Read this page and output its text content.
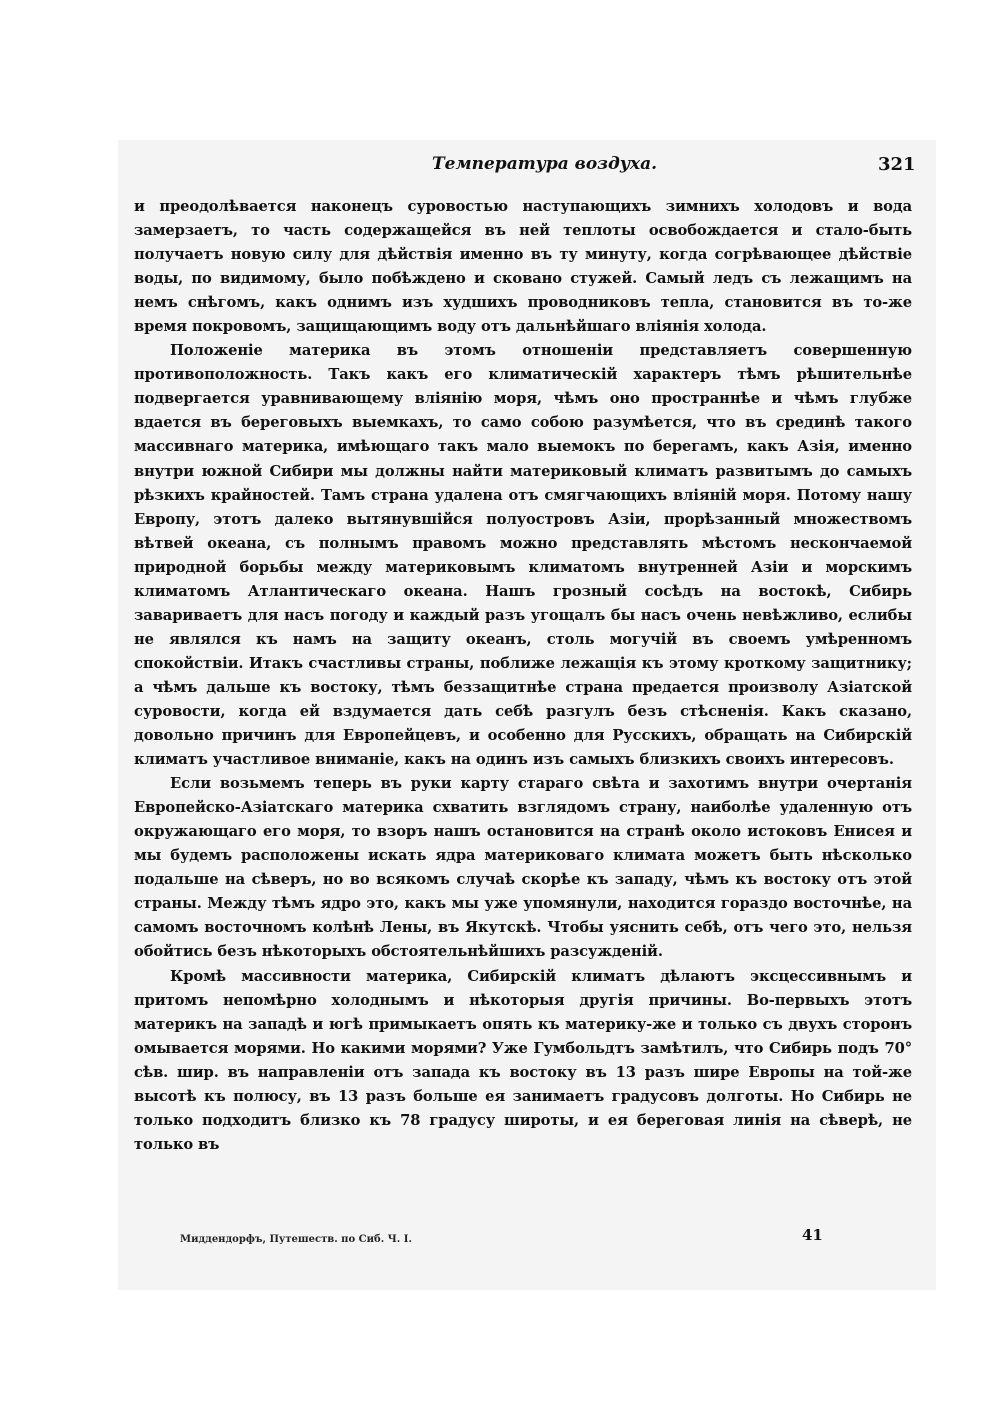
Температура воздуха.	321

и преодолѣвается наконецъ суровостью наступающихъ зимнихъ холодовъ и вода замерзаетъ, то часть содержащейся въ ней теплоты освобождается и стало-быть получаетъ новую силу для дѣйствія именно въ ту минуту, когда согрѣвающее дѣйствіе воды, по видимому, было побѣждено и сковано стужей. Самый ледъ съ лежащимъ на немъ снѣгомъ, какъ однимъ изъ худшихъ проводниковъ тепла, становится въ то-же время покровомъ, защищающимъ воду отъ дальнѣйшаго вліянія холода.

Положеніе материка въ этомъ отношеніи представляетъ совершенную противоположность. Такъ какъ его климатическій характеръ тѣмъ рѣшительнѣе подвергается уравнивающему вліянію моря, чѣмъ оно пространнѣе и чѣмъ глубже вдается въ береговыхъ выемкахъ, то само собою разумѣется, что въ срединѣ такого массивнаго материка, имѣющаго такъ мало выемокъ по берегамъ, какъ Азія, именно внутри южной Сибири мы должны найти материковый климатъ развитымъ до самыхъ рѣзкихъ крайностей. Тамъ страна удалена отъ смягчающихъ вліяній моря. Потому нашу Европу, этотъ далеко вытянувшійся полуостровъ Азіи, прорѣзанный множествомъ вѣтвей океана, съ полнымъ правомъ можно представлять мѣстомъ нескончаемой природной борьбы между материковымъ климатомъ внутренней Азіи и морскимъ климатомъ Атлантическаго океана. Нашъ грозный сосѣдъ на востокѣ, Сибирь завариваетъ для насъ погоду и каждый разъ угощалъ бы насъ очень невѣжливо, еслибы не являлся къ намъ на защиту океанъ, столь могучій въ своемъ умѣренномъ спокойствіи. Итакъ счастливы страны, поближе лежащія къ этому кроткому защитнику; а чѣмъ дальше къ востоку, тѣмъ беззащитнѣе страна предается произволу Азіатской суровости, когда ей вздумается дать себѣ разгулъ безъ стѣсненія. Какъ сказано, довольно причинъ для Европейцевъ, и особенно для Русскихъ, обращать на Сибирскій климатъ участливое вниманіе, какъ на одинъ изъ самыхъ близкихъ своихъ интересовъ.

Если возьмемъ теперь въ руки карту стараго свѣта и захотимъ внутри очертанія Европейско-Азіатскаго материка схватить взглядомъ страну, наиболѣе удаленную отъ окружающаго его моря, то взоръ нашъ остановится на странѣ около истоковъ Енисея и мы будемъ расположены искать ядра материковаго климата можетъ быть нѣсколько подальше на сѣверъ, но во всякомъ случаѣ скорѣе къ западу, чѣмъ къ востоку отъ этой страны. Между тѣмъ ядро это, какъ мы уже упомянули, находится гораздо восточнѣе, на самомъ восточномъ колѣнѣ Лены, въ Якутскѣ. Чтобы уяснить себѣ, отъ чего это, нельзя обойтись безъ нѣкоторыхъ обстоятельнѣйшихъ разсужденій.

Кромѣ массивности материка, Сибирскій климатъ дѣлаютъ эксцессивнымъ и притомъ непомѣрно холоднымъ и нѣкоторыя другія причины. Во-первыхъ этотъ материкъ на западѣ и югѣ примыкаетъ опять къ материку-же и только съ двухъ сторонъ омывается морями. Но какими морями? Уже Гумбольдтъ замѣтилъ, что Сибирь подъ 70° сѣв. шир. въ направленіи отъ запада къ востоку въ 13 разъ шире Европы на той-же высотѣ къ полюсу, въ 13 разъ больше ея занимаетъ градусовъ долготы. Но Сибирь не только подходитъ близко къ 78 градусу широты, и ея береговая линія на сѣверѣ, не только въ

Миддендорфъ, Путешеств. по Сиб. Ч. I.	41
